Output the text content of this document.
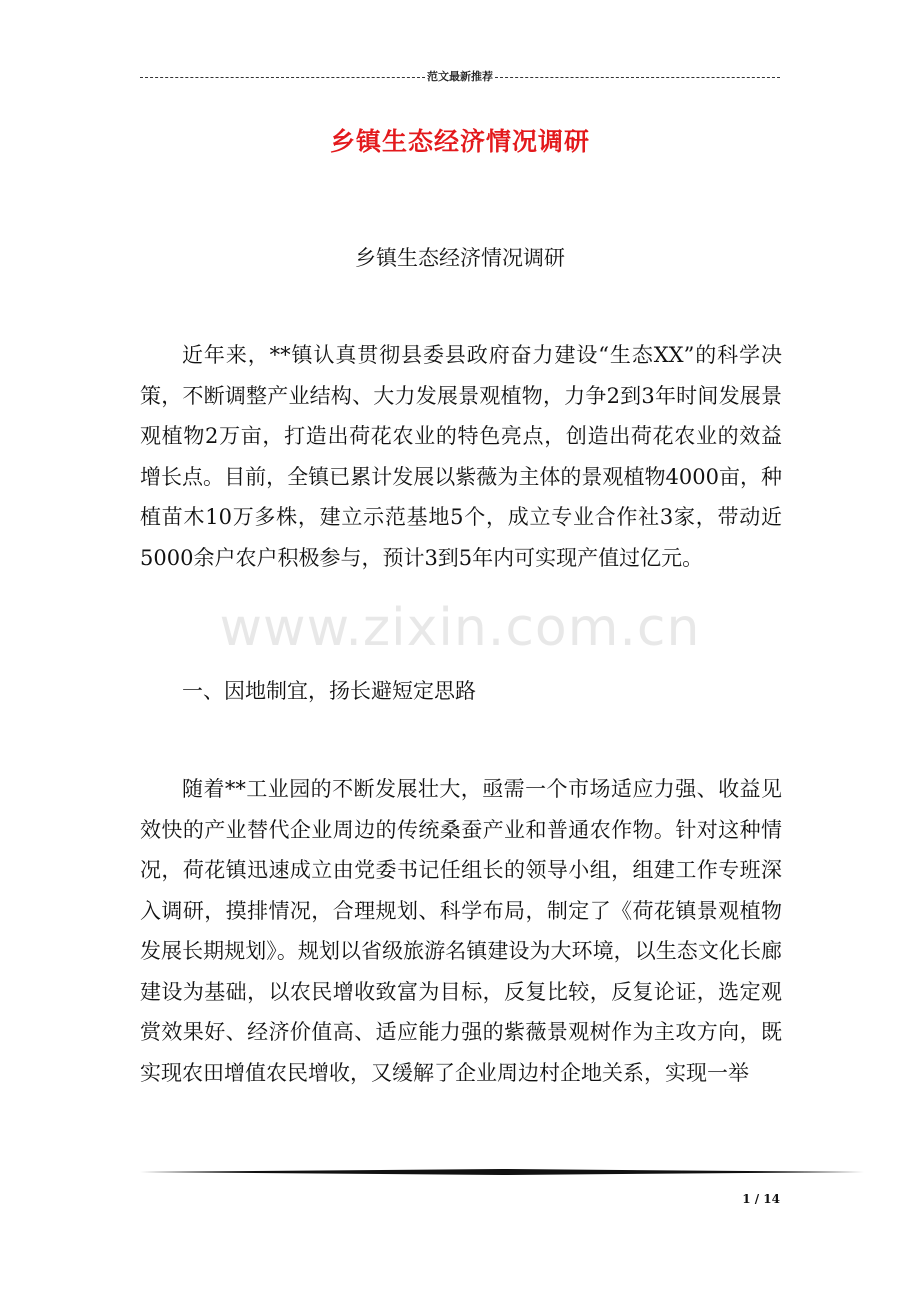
范文最新推荐
乡镇生态经济情况调研
乡镇生态经济情况调研

近年来，**镇认真贯彻县委县政府奋力建设“生态XX”的科学决策，不断调整产业结构、大力发展景观植物，力争2到3年时间发展景观植物2万亩，打造出荷花农业的特色亮点，创造出荷花农业的效益增长点。目前，全镇已累计发展以紫薇为主体的景观植物4000亩，种植苗木10万多株，建立示范基地5个，成立专业合作社3家，带动近5000余户农户积极参与，预计3到5年内可实现产值过亿元。

一、因地制宜，扬长避短定思路

随着**工业园的不断发展壮大，亟需一个市场适应力强、收益见效快的产业替代企业周边的传统桑蚕产业和普通农作物。针对这种情况，荷花镇迅速成立由党委书记任组长的领导小组，组建工作专班深入调研，摸排情况，合理规划、科学布局，制定了《荷花镇景观植物发展长期规划》。规划以省级旅游名镇建设为大环境，以生态文化长廊建设为基础，以农民增收致富为目标，反复比较，反复论证，选定观赏效果好、经济价值高、适应能力强的紫薇景观树作为主攻方向，既实现农田增值农民增收，又缓解了企业周边村企地关系，实现一举

www.zixin.com.cn
1 / 14
